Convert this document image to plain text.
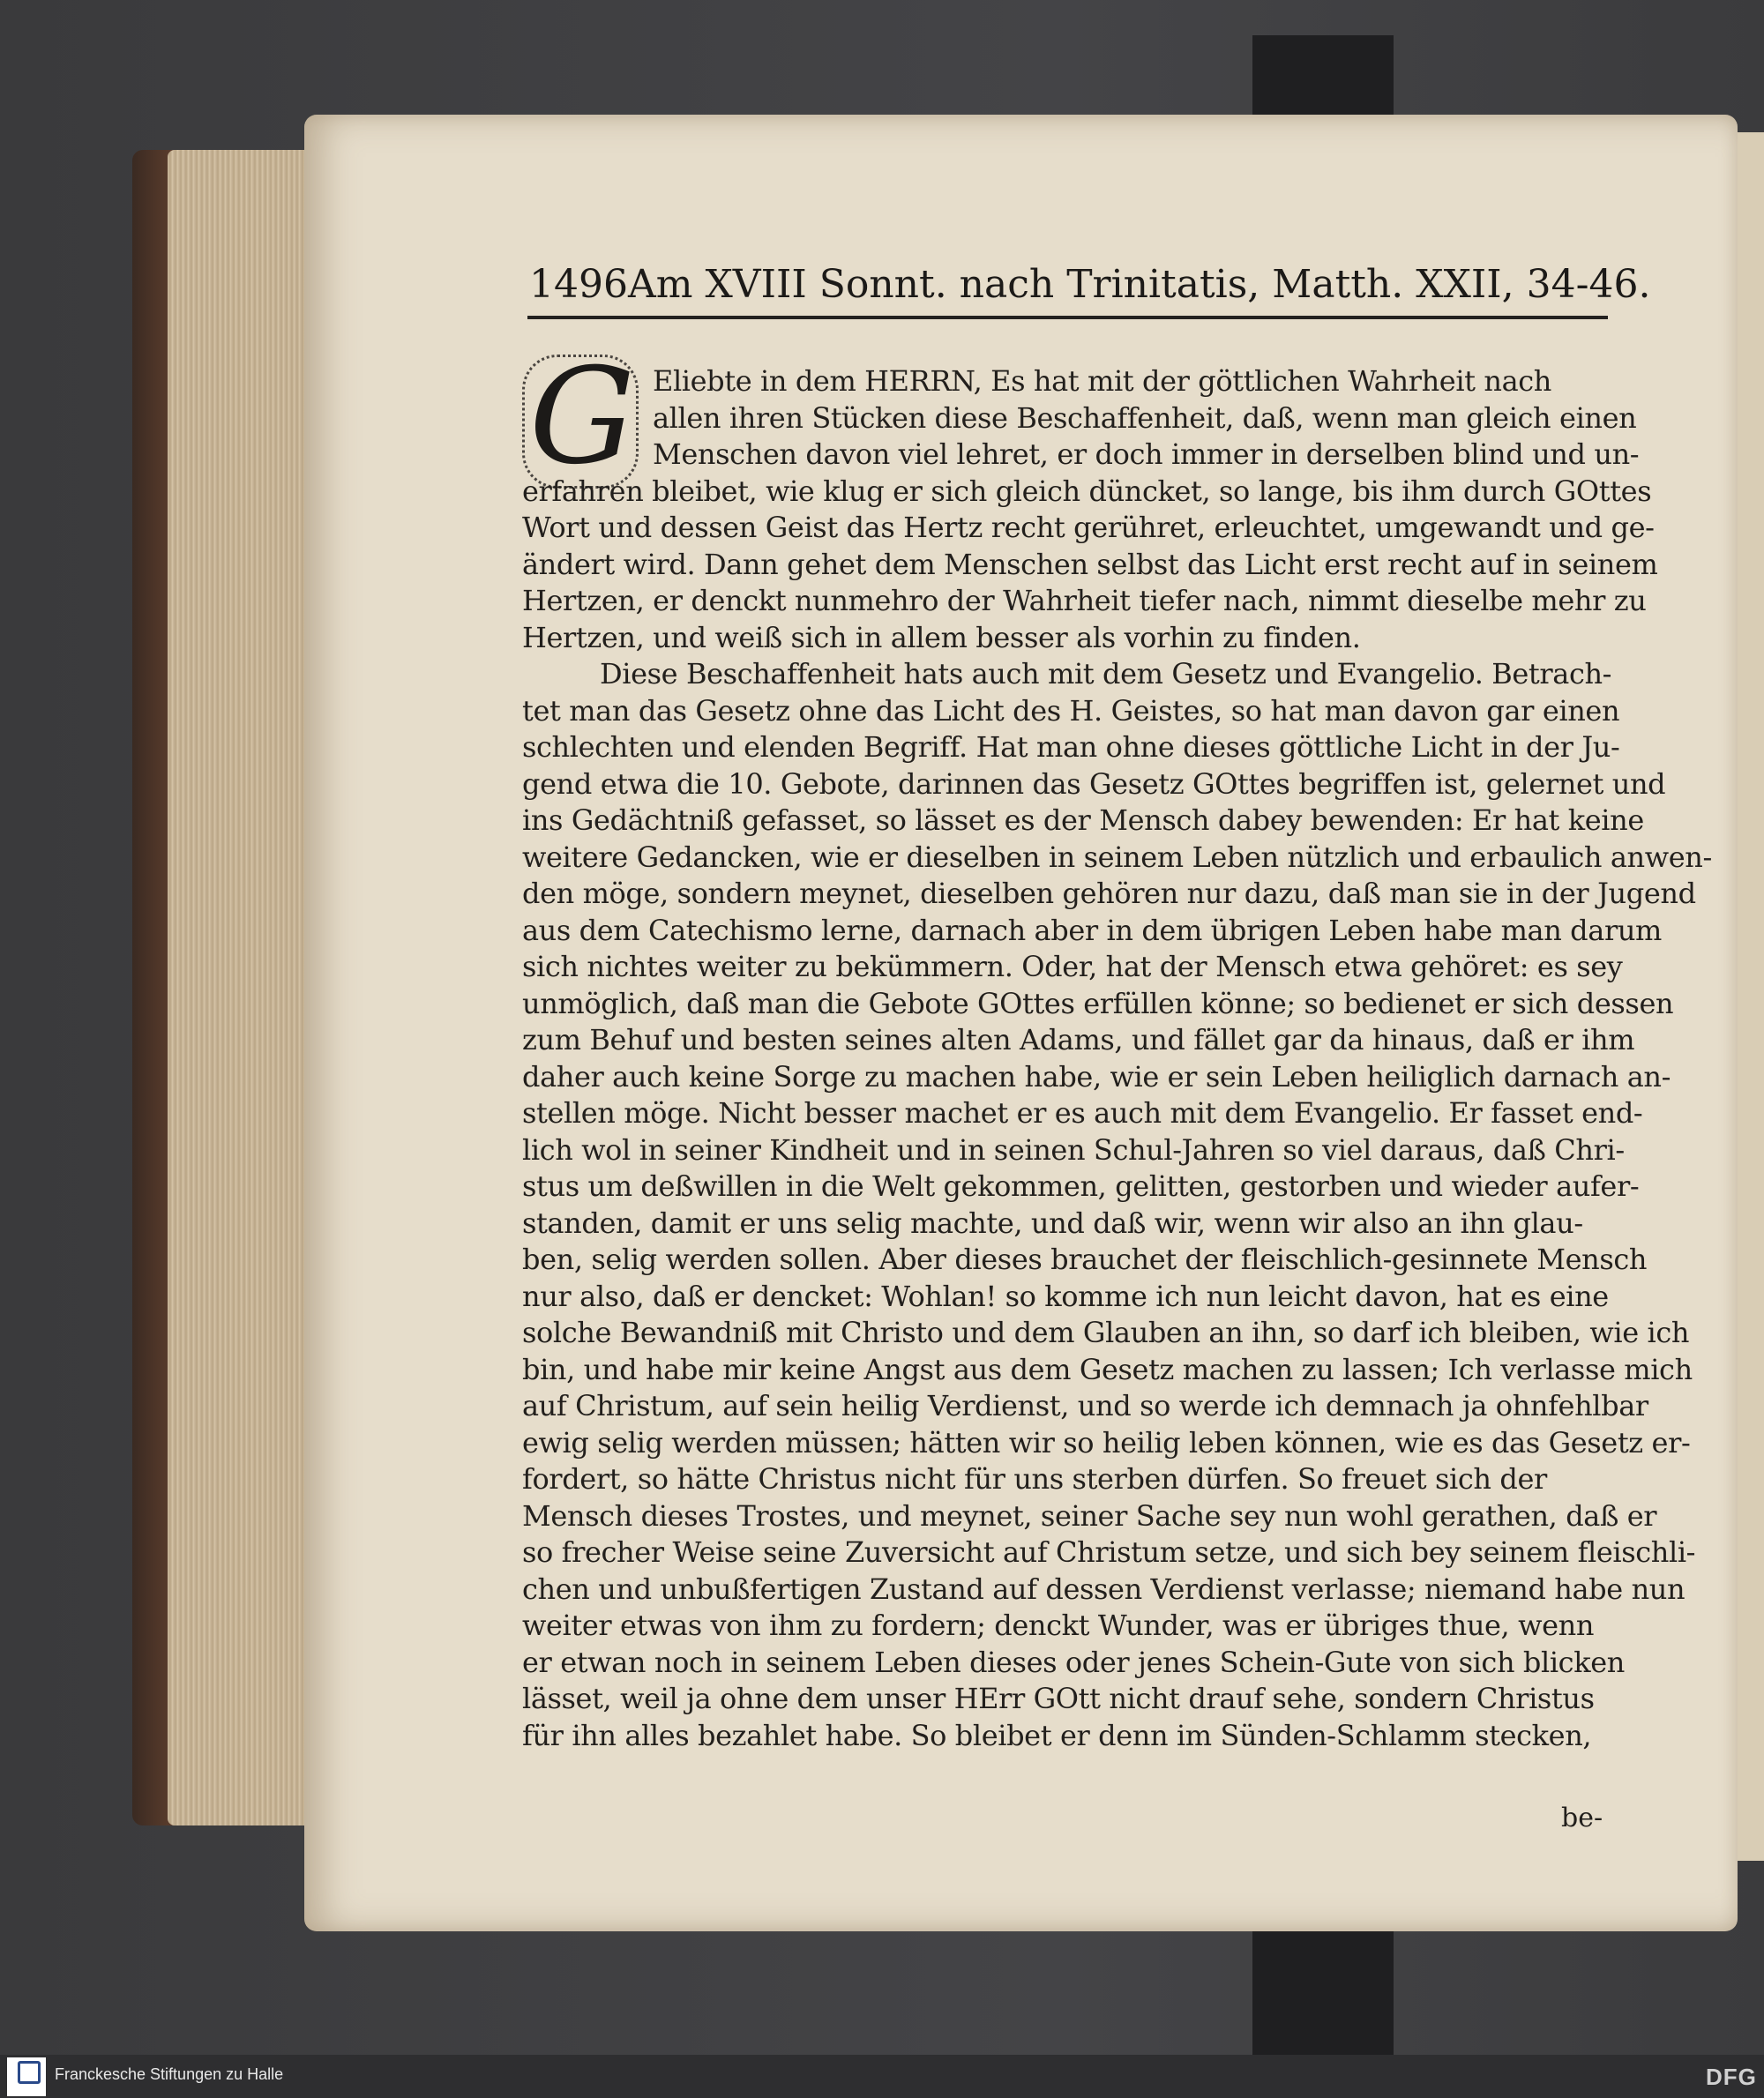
1496 Am XVIII Sonnt. nach Trinitatis, Matth. XXII, 34-46.
G Eliebte in dem HERRN, Es hat mit der göttlichen Wahrheit nach
allen ihren Stücken diese Beschaffenheit, daß, wenn man gleich einen
Menschen davon viel lehret, er doch immer in derselben blind und un-
erfahren bleibet, wie klug er sich gleich düncket, so lange, bis ihm durch GOttes
Wort und dessen Geist das Hertz recht gerühret, erleuchtet, umgewandt und ge-
ändert wird. Dann gehet dem Menschen selbst das Licht erst recht auf in seinem
Hertzen, er denckt nunmehro der Wahrheit tiefer nach, nimmt dieselbe mehr zu
Hertzen, und weiß sich in allem besser als vorhin zu finden.
Diese Beschaffenheit hats auch mit dem Gesetz und Evangelio. Betrach-
tet man das Gesetz ohne das Licht des H. Geistes, so hat man davon gar einen
schlechten und elenden Begriff. Hat man ohne dieses göttliche Licht in der Ju-
gend etwa die 10. Gebote, darinnen das Gesetz GOttes begriffen ist, gelernet und
ins Gedächtniß gefasset, so lässet es der Mensch dabey bewenden: Er hat keine
weitere Gedancken, wie er dieselben in seinem Leben nützlich und erbaulich anwen-
den möge, sondern meynet, dieselben gehören nur dazu, daß man sie in der Jugend
aus dem Catechismo lerne, darnach aber in dem übrigen Leben habe man darum
sich nichtes weiter zu bekümmern. Oder, hat der Mensch etwa gehöret: es sey
unmöglich, daß man die Gebote GOttes erfüllen könne; so bedienet er sich dessen
zum Behuf und besten seines alten Adams, und fället gar da hinaus, daß er ihm
daher auch keine Sorge zu machen habe, wie er sein Leben heiliglich darnach an-
stellen möge. Nicht besser machet er es auch mit dem Evangelio. Er fasset end-
lich wol in seiner Kindheit und in seinen Schul-Jahren so viel daraus, daß Chri-
stus um deßwillen in die Welt gekommen, gelitten, gestorben und wieder aufer-
standen, damit er uns selig machte, und daß wir, wenn wir also an ihn glau-
ben, selig werden sollen. Aber dieses brauchet der fleischlich-gesinnete Mensch
nur also, daß er dencket: Wohlan! so komme ich nun leicht davon, hat es eine
solche Bewandniß mit Christo und dem Glauben an ihn, so darf ich bleiben, wie ich
bin, und habe mir keine Angst aus dem Gesetz machen zu lassen; Ich verlasse mich
auf Christum, auf sein heilig Verdienst, und so werde ich demnach ja ohnfehlbar
ewig selig werden müssen; hätten wir so heilig leben können, wie es das Gesetz er-
fordert, so hätte Christus nicht für uns sterben dürfen. So freuet sich der
Mensch dieses Trostes, und meynet, seiner Sache sey nun wohl gerathen, daß er
so frecher Weise seine Zuversicht auf Christum setze, und sich bey seinem fleischli-
chen und unbußfertigen Zustand auf dessen Verdienst verlasse; niemand habe nun
weiter etwas von ihm zu fordern; denckt Wunder, was er übriges thue, wenn
er etwan noch in seinem Leben dieses oder jenes Schein-Gute von sich blicken
lässet, weil ja ohne dem unser HErr GOtt nicht drauf sehe, sondern Christus
für ihn alles bezahlet habe. So bleibet er denn im Sünden-Schlamm stecken,
be-
Franckesche Stiftungen zu Halle	DFG
